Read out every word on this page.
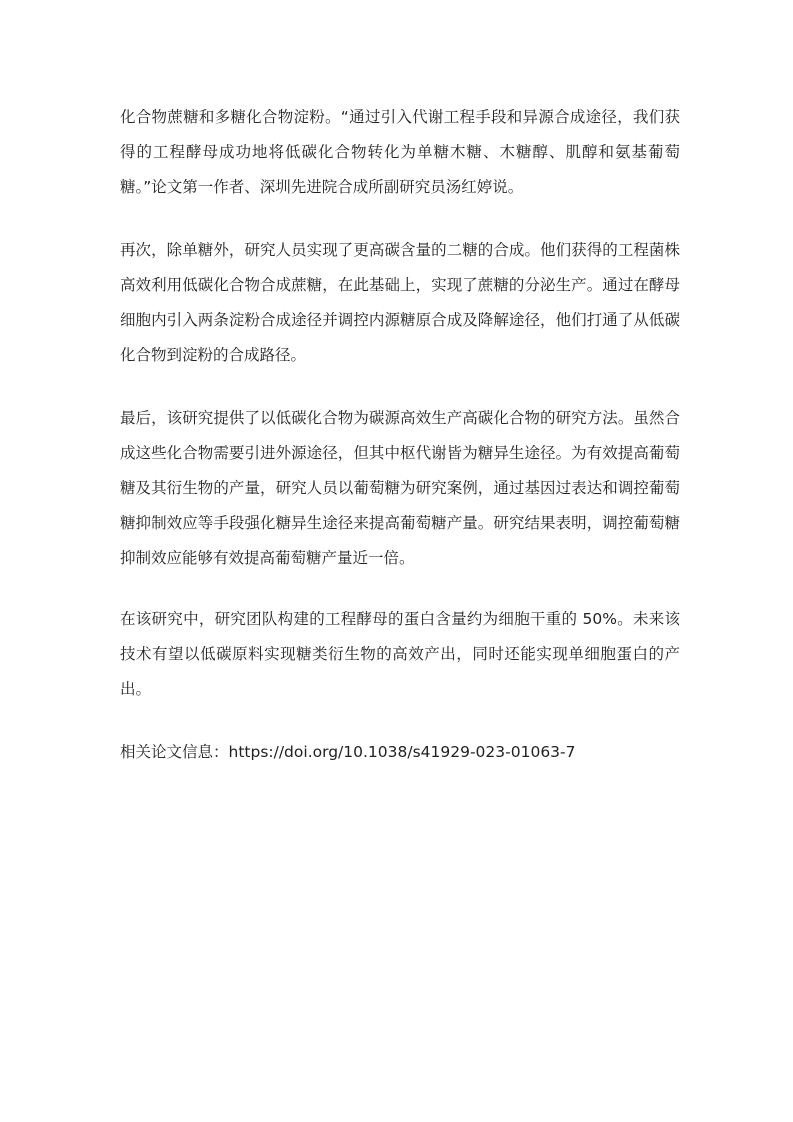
化合物蔗糖和多糖化合物淀粉。“通过引入代谢工程手段和异源合成途径，我们获得的工程酵母成功地将低碳化合物转化为单糖木糖、木糖醇、肌醇和氨基葡萄糖。”论文第一作者、深圳先进院合成所副研究员汤红婷说。

再次，除单糖外，研究人员实现了更高碳含量的二糖的合成。他们获得的工程菌株高效利用低碳化合物合成蔗糖，在此基础上，实现了蔗糖的分泌生产。通过在酵母细胞内引入两条淀粉合成途径并调控内源糖原合成及降解途径，他们打通了从低碳化合物到淀粉的合成路径。

最后，该研究提供了以低碳化合物为碳源高效生产高碳化合物的研究方法。虽然合成这些化合物需要引进外源途径，但其中枢代谢皆为糖异生途径。为有效提高葡萄糖及其衍生物的产量，研究人员以葡萄糖为研究案例，通过基因过表达和调控葡萄糖抑制效应等手段强化糖异生途径来提高葡萄糖产量。研究结果表明，调控葡萄糖抑制效应能够有效提高葡萄糖产量近一倍。

在该研究中，研究团队构建的工程酵母的蛋白含量约为细胞干重的 50%。未来该技术有望以低碳原料实现糖类衍生物的高效产出，同时还能实现单细胞蛋白的产出。

相关论文信息：https://doi.org/10.1038/s41929-023-01063-7
